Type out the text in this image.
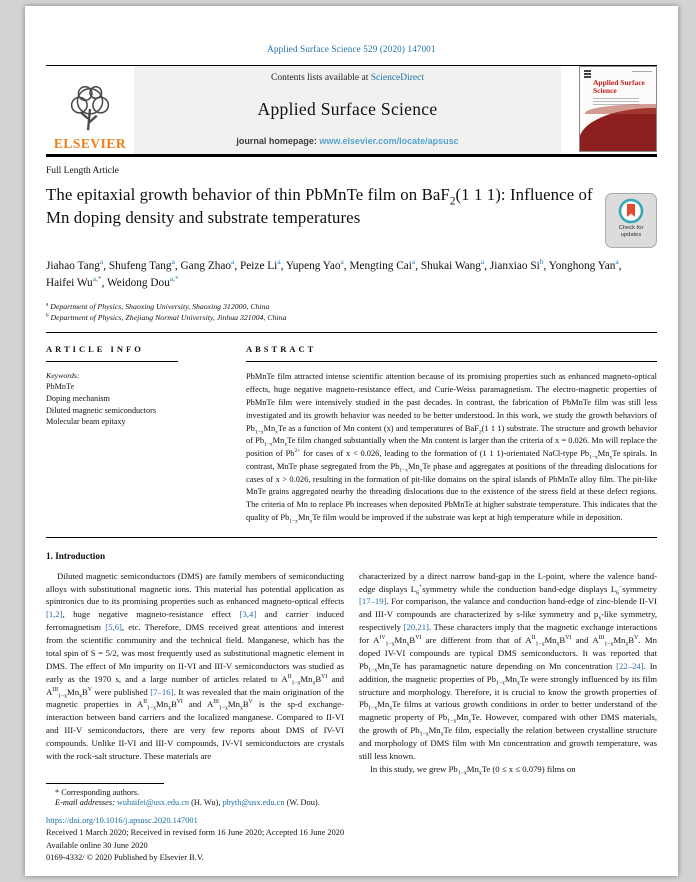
Applied Surface Science 529 (2020) 147001
ELSEVIER
Contents lists available at ScienceDirect
Applied Surface Science
journal homepage: www.elsevier.com/locate/apsusc
Applied Surface Science
Full Length Article
The epitaxial growth behavior of thin PbMnTe film on BaF$_2$(1 1 1): Influence of Mn doping density and substrate temperatures
Check for
updates
Jiahao Tang$^a$, Shufeng Tang$^a$, Gang Zhao$^a$, Peize Li$^a$, Yupeng Yao$^a$, Mengting Cai$^a$, Shukai Wang$^a$, Jianxiao Si$^b$, Yonghong Yan$^a$, Haifei $Wu^{a,*}$, Weidong Dou$^{a,*}$
$^a$ Department of Physics, Shaoxing University, Shaoxing 312000, China
$^b$ Department of Physics, Zhejiang Normal University, Jinhua 321004, China
ARTICLE INFO
Keywords:
PbMnTe
Doping mechanism
Diluted magnetic semiconductors
Molecular beam epitaxy
ABSTRACT
PbMnTe film attracted intense scientific attention because of its promising properties such as enhanced magneto-optical effects, huge negative magneto-resistance effect, and Curie-Weiss paramagnetism. The electro-magnetic properties of PbMnTe film were intensively studied in the past decades. In contrast, the fabrication of PbMnTe film was still less investigated and its growth behavior was needed to be better understood. In this work, we study the growth behaviors of $Pb_{1-x}Mn_xTe$ as a function of Mn content (x) and temperatures of BaF$_2$(1 1 1) substrate. The structure and growth behavior of $Pb_{1-x}Mn_xTe$ film changed substantially when the Mn content is larger than the criteria of x = 0.026. Mn will replace the position of $Pb^{2+}$ for cases of x < 0.026, leading to the formation of (1 1 1)-orientated NaCl-type $Pb_{1-x}Mn_xTe$ spirals. In contrast, MnTe phase segregated from the $Pb_{1-x}Mn_xTe$ phase and aggregates at positions of the threading dislocations for cases of x > 0.026, resulting in the formation of pit-like domains on the spiral islands of PbMnTe alloy film. The pit-like MnTe grains aggregated nearby the threading dislocations due to the existence of the stress field at these defect regions. The criteria of Mn to replace Pb increases when deposited PbMnTe at higher substrate temperature. This indicates that the quality of $Pb_{1-x}Mn_xTe$ film would be improved if the substrate was kept at high temperature while in deposition.
1. Introduction

Diluted magnetic semiconductors (DMS) are family members of semiconducting alloys with substitutional magnetic ions. This material has potential application as spintronics due to its promising properties such as enhanced magneto-optical effects [1,2], huge negative magneto-resistance effect [3,4] and carrier induced ferromagnetism [5,6], etc. Therefore, DMS received great attentions and interest from the scientific community and the technical field. Manganese, which has the total spin of S = 5/2, was most frequently used as substitutional magnetic element in DMS. The effect of Mn impurity on II-VI and III-V semiconductors was studied as early as the 1970 s, and a large number of articles related to $A^{II}_{1-x}Mn_xB^{VI}$ and $A^{III}_{1-x}Mn_xB^V$ were published [7–16]. It was revealed that the main origination of the magnetic properties in $A^{II}_{1-x}Mn_xB^{VI}$ and $A^{III}_{1-x}Mn_xB^V$ is the sp-d exchange-interaction between band carriers and the localized manganese. Compared to II-VI and III-V semiconductors, there are very few reports about DMS of IV-VI compounds. Unlike II-VI and III-V compounds, IV-VI semiconductors are crystals with the rock-salt structure. These materials are

characterized by a direct narrow band-gap in the L-point, where the valence band-edge displays $L_6^+symmetry$ while the conduction band-edge displays $L_6^-symmetry$ [17–19]. For comparison, the valance and conduction band-edge of zinc-blende II-VI and III-V compounds are characterized by s-like symmetry and $p_x$-like symmetry, respectively [20,21]. These characters imply that the magnetic exchange interactions for $A^{IV}_{1-x}Mn_xB^{VI}$ are different from that of $A^{II}_{1-x}Mn_xB^{VI}$ and $A^{III}_{1-x}Mn_xB^V$. Mn doped IV-VI compounds are typical DMS semiconductors. It was reported that $Pb_{1-x}Mn_xTe$ has paramagnetic nature depending on Mn concentration [22–24]. In addition, the magnetic properties of $Pb_{1-x}Mn_xTe$ were strongly influenced by its film structure and morphology. Therefore, it is crucial to know the growth properties of $Pb_{1-x}Mn_xTe$ films at various growth conditions in order to better understand of the magnetic property of $Pb_{1-x}Mn_xTe$. However, compared with other DMS materials, the growth of $Pb_{1-x}Mn_xTe$ film, especially the relation between crystalline structure and morphology of DMS film with Mn concentration and growth temperature, was still less known.

In this study, we grew $Pb_{1-x}Mn_xTe$ (0 ≤ x ≤ 0.079) films on

* Corresponding authors.
E-mail addresses: wuhaifei@usx.edu.cn (H. Wu), phyth@usx.edu.cn (W. Dou).
https://doi.org/10.1016/j.apsusc.2020.147001
Received 1 March 2020; Received in revised form 16 June 2020; Accepted 16 June 2020
Available online 30 June 2020
0169-4332/ © 2020 Published by Elsevier B.V.
